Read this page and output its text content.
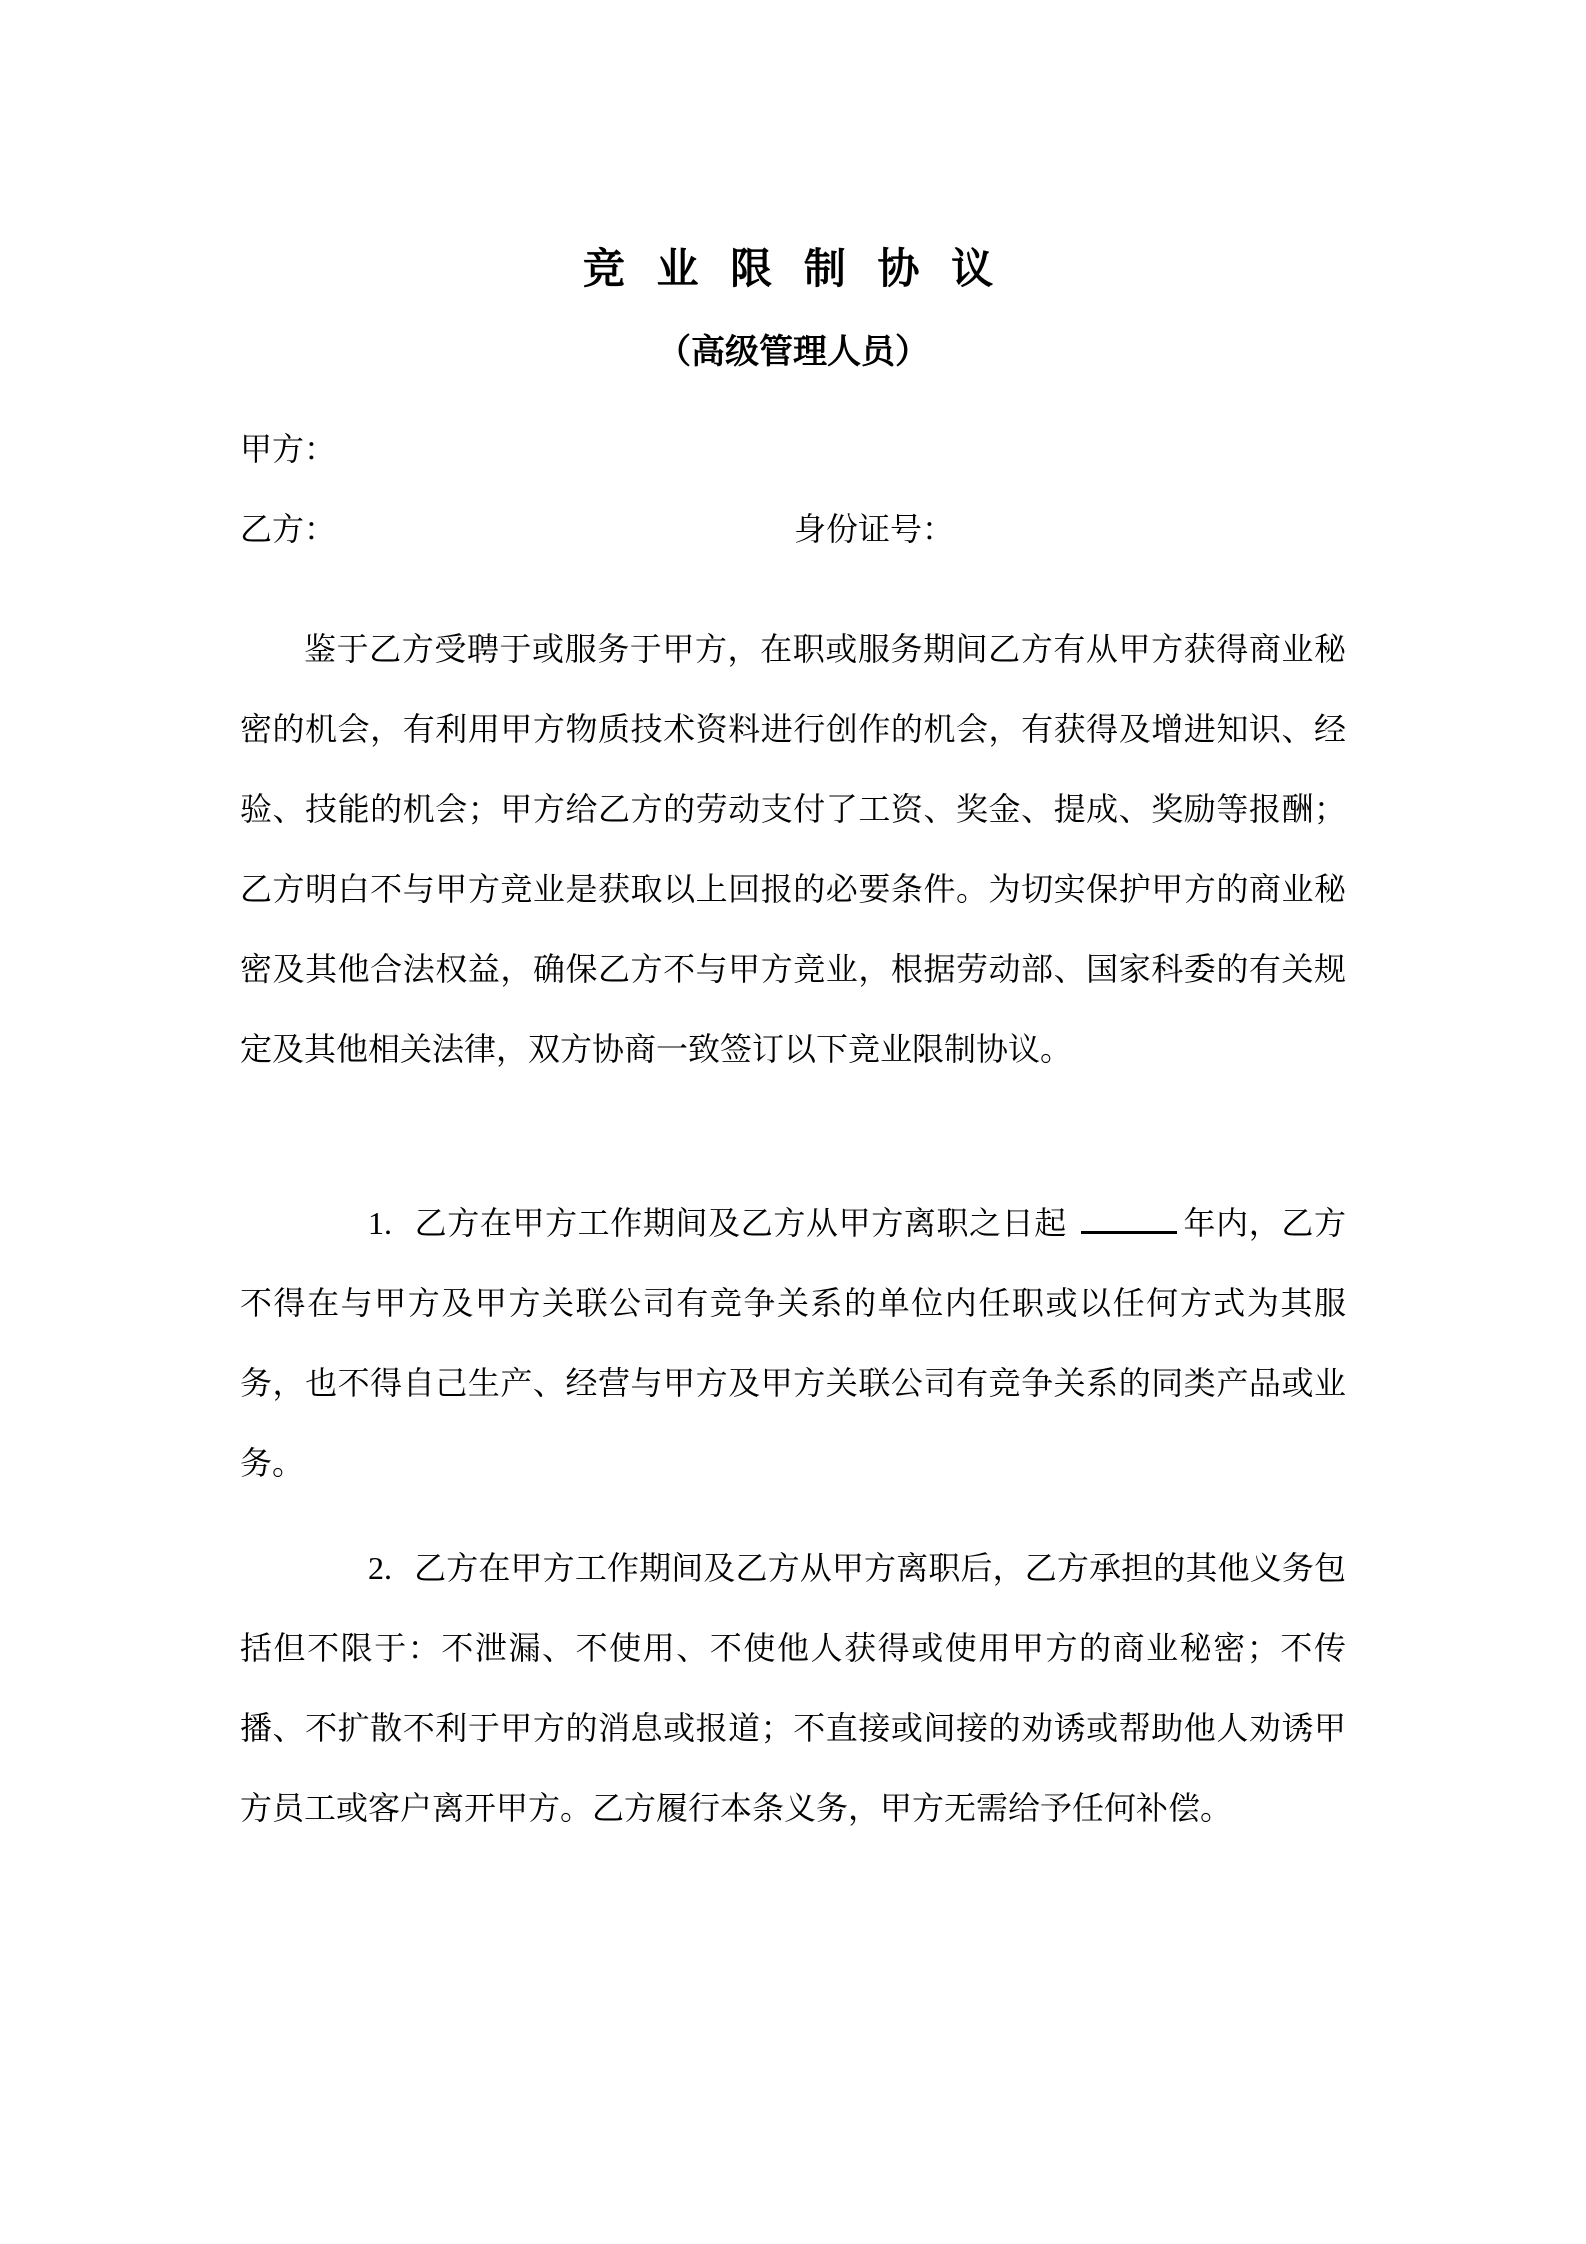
竞 业 限 制 协 议
（高级管理人员）
甲方：
乙方：	身份证号：
鉴于乙方受聘于或服务于甲方，在职或服务期间乙方有从甲方获得商业秘密的机会，有利用甲方物质技术资料进行创作的机会，有获得及增进知识、经验、技能的机会；甲方给乙方的劳动支付了工资、奖金、提成、奖励等报酬；乙方明白不与甲方竞业是获取以上回报的必要条件。为切实保护甲方的商业秘密及其他合法权益，确保乙方不与甲方竞业，根据劳动部、国家科委的有关规定及其他相关法律，双方协商一致签订以下竞业限制协议。
1. 乙方在甲方工作期间及乙方从甲方离职之日起	年内，乙方不得在与甲方及甲方关联公司有竞争关系的单位内任职或以任何方式为其服务，也不得自己生产、经营与甲方及甲方关联公司有竞争关系的同类产品或业务。
2. 乙方在甲方工作期间及乙方从甲方离职后，乙方承担的其他义务包括但不限于：不泄漏、不使用、不使他人获得或使用甲方的商业秘密；不传播、不扩散不利于甲方的消息或报道；不直接或间接的劝诱或帮助他人劝诱甲方员工或客户离开甲方。乙方履行本条义务，甲方无需给予任何补偿。
